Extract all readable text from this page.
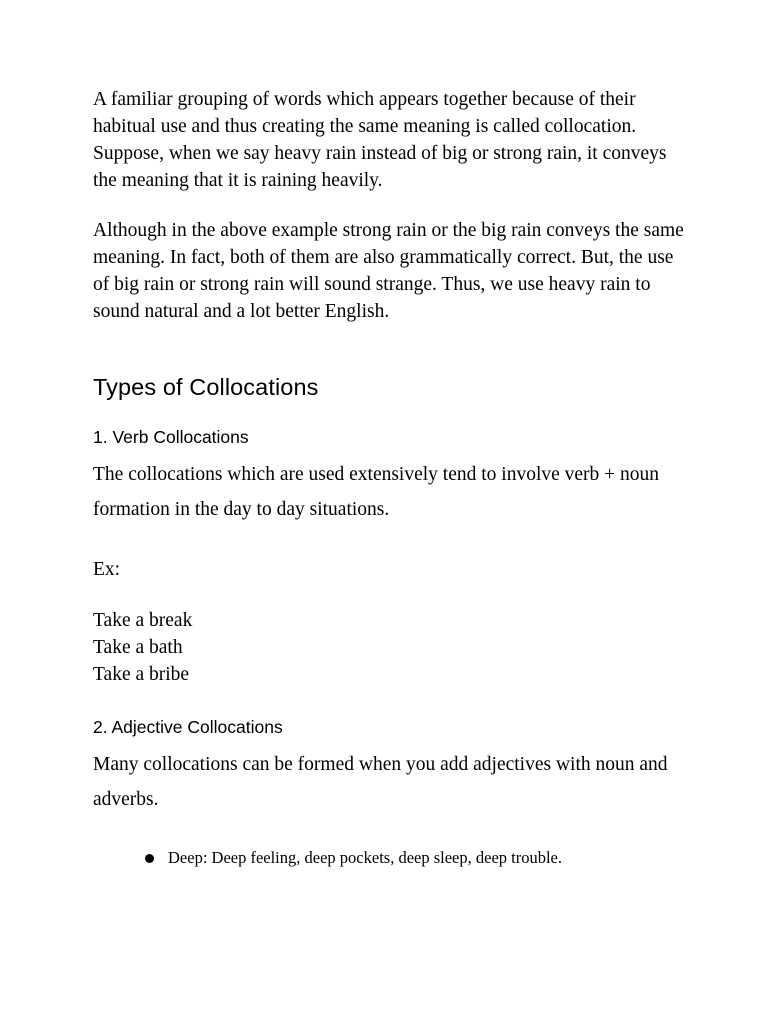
A familiar grouping of words which appears together because of their habitual use and thus creating the same meaning is called collocation. Suppose, when we say heavy rain instead of big or strong rain, it conveys the meaning that it is raining heavily.

Although in the above example strong rain or the big rain conveys the same meaning. In fact, both of them are also grammatically correct. But, the use of big rain or strong rain will sound strange. Thus, we use heavy rain to sound natural and a lot better English.

Types of Collocations
1. Verb Collocations

The collocations which are used extensively tend to involve verb + noun formation in the day to day situations.

Ex:

Take a break
Take a bath
Take a bribe
2. Adjective Collocations

Many collocations can be formed when you add adjectives with noun and adverbs.

Deep: Deep feeling, deep pockets, deep sleep, deep trouble.
